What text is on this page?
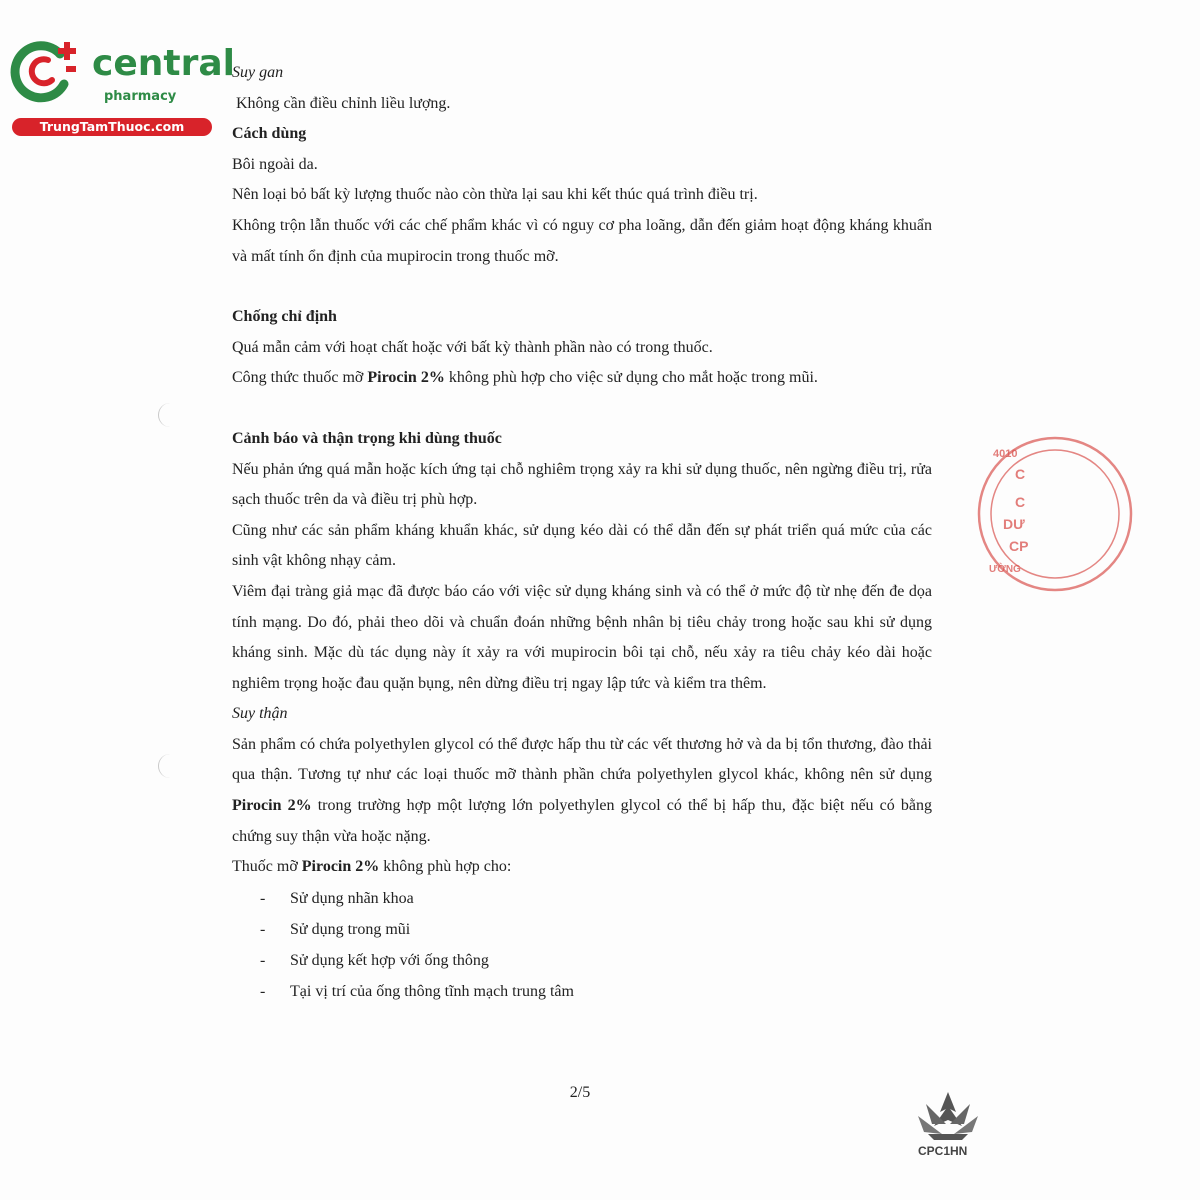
central
pharmacy
TrungTamThuoc.com
4010
C
C
DƯ
CP
ƯỜNG

Suy gan

Không cần điều chỉnh liều lượng.

Cách dùng

Bôi ngoài da.

Nên loại bỏ bất kỳ lượng thuốc nào còn thừa lại sau khi kết thúc quá trình điều trị.

Không trộn lẫn thuốc với các chế phẩm khác vì có nguy cơ pha loãng, dẫn đến giảm hoạt động kháng khuẩn và mất tính ổn định của mupirocin trong thuốc mỡ.

Chống chỉ định

Quá mẫn cảm với hoạt chất hoặc với bất kỳ thành phần nào có trong thuốc.

Công thức thuốc mỡ Pirocin 2% không phù hợp cho việc sử dụng cho mắt hoặc trong mũi.

Cảnh báo và thận trọng khi dùng thuốc

Nếu phản ứng quá mẫn hoặc kích ứng tại chỗ nghiêm trọng xảy ra khi sử dụng thuốc, nên ngừng điều trị, rửa sạch thuốc trên da và điều trị phù hợp.

Cũng như các sản phẩm kháng khuẩn khác, sử dụng kéo dài có thể dẫn đến sự phát triển quá mức của các sinh vật không nhạy cảm.

Viêm đại tràng giả mạc đã được báo cáo với việc sử dụng kháng sinh và có thể ở mức độ từ nhẹ đến đe dọa tính mạng. Do đó, phải theo dõi và chuẩn đoán những bệnh nhân bị tiêu chảy trong hoặc sau khi sử dụng kháng sinh. Mặc dù tác dụng này ít xảy ra với mupirocin bôi tại chỗ, nếu xảy ra tiêu chảy kéo dài hoặc nghiêm trọng hoặc đau quặn bụng, nên dừng điều trị ngay lập tức và kiểm tra thêm.

Suy thận

Sản phẩm có chứa polyethylen glycol có thể được hấp thu từ các vết thương hở và da bị tổn thương, đào thải qua thận. Tương tự như các loại thuốc mỡ thành phần chứa polyethylen glycol khác, không nên sử dụng Pirocin 2% trong trường hợp một lượng lớn polyethylen glycol có thể bị hấp thu, đặc biệt nếu có bằng chứng suy thận vừa hoặc nặng.

Thuốc mỡ Pirocin 2% không phù hợp cho:

- Sử dụng nhãn khoa
- Sử dụng trong mũi
- Sử dụng kết hợp với ống thông
- Tại vị trí của ống thông tĩnh mạch trung tâm
2/5
CPC1HN
